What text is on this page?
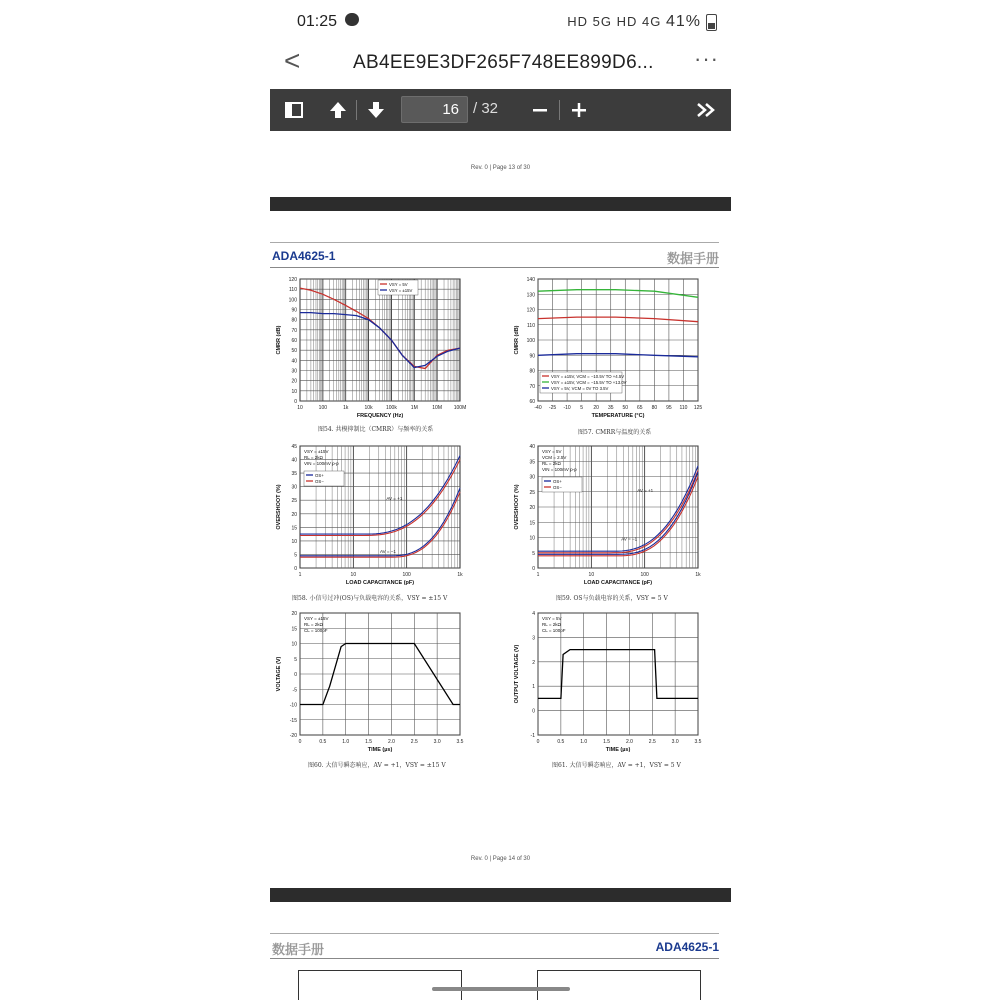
01:25	HD 5G HD 4G 41%
<	AB4EE9E3DF265F748EE899D6... ···
16 / 32
Rev. 0 | Page 13 of 30
ADA4625-1	数据手册
10	100	1k	10k	100k	1M	10M 100M
120
110
100
90
80
70
60
50
40
30
20
10
0
FREQUENCY (Hz)
CMRR (dB)
VSY = 5V
VSY = ±15V
图54. 共模抑制比（CMRR）与频率的关系
-40 -25 -10 5 20 35 50 65 80 95 110 125
140
130
120
110
100
90
80
70
60
TEMPERATURE (°C)
CMRR (dB)
VSY = ±15V, VCM = −10.5V TO +4.5V
VSY = ±15V, VCM = −15.5V TO +13.0V
VSY = 5V, VCM = 0V TO 3.5V
图57. CMRR与温度的关系
1	10	100	1k
45
40
35
30
25
20
15
10
5
0
LOAD CAPACITANCE (pF)
OVERSHOOT (%)	AV = +1
AV = −1
VSY = ±15V
RL = 2kΩ
VIN = 100mV p-p
OS+
OS−
图58. 小信号过冲(OS)与负载电容的关系，VSY = ±15 V
1	10	100	1k
40
35
30
25
20
15
10
5
0
LOAD CAPACITANCE (pF)
OVERSHOOT (%)	AV = +1
AV = −1
VSY = 5V
VCM = 2.5V
RL = 2kΩ
VIN = 100mV p-p
OS+
OS−
图59. OS与负载电容的关系，VSY = 5 V
0	0.5	1.0	1.5	2.0	2.5	3.0	3.5
20
15
10
5
0
-5
-10
-15
-20
TIME (µs)
VOLTAGE (V)
VSY = ±15V
RL = 2kΩ
CL = 100pF
图60. 大信号瞬态响应，AV = +1，VSY = ±15 V
0	0.5	1.0	1.5	2.0	2.5	3.0	3.5
4
3
2
1
0
-1
TIME (µs)
OUTPUT VOLTAGE (V)
VSY = 5V
RL = 2kΩ
CL = 100pF
图61. 大信号瞬态响应，AV = +1，VSY = 5 V
Rev. 0 | Page 14 of 30
数据手册	ADA4625-1
